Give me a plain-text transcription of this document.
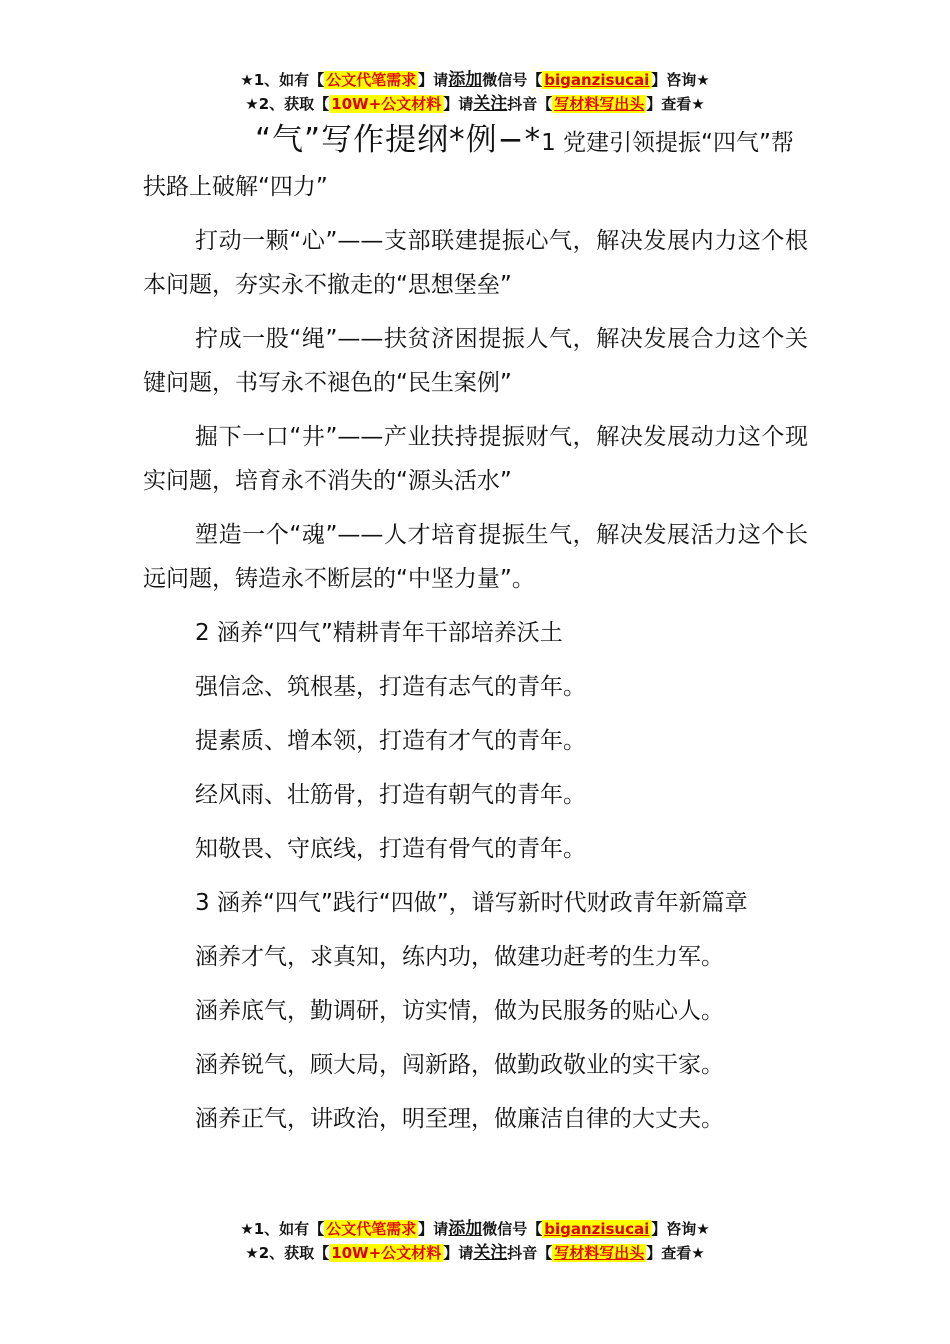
★1、如有【 公文代笔需求 】请添加微信号【 biganzisucai 】咨询★
★2、获取【 10W+公文材料 】请关注抖音【 写材料写出头 】查看★

“气”写作提纲*例−*1 党建引领提振“四气”帮扶路上破解“四力”

打动一颗“心”——支部联建提振心气，解决发展内力这个根本问题，夯实永不撤走的“思想堡垒”

拧成一股“绳”——扶贫济困提振人气，解决发展合力这个关键问题，书写永不褪色的“民生案例”

掘下一口“井”——产业扶持提振财气，解决发展动力这个现实问题，培育永不消失的“源头活水”

塑造一个“魂”——人才培育提振生气，解决发展活力这个长远问题，铸造永不断层的“中坚力量”。

2 涵养“四气”精耕青年干部培养沃土

强信念、筑根基，打造有志气的青年。

提素质、增本领，打造有才气的青年。

经风雨、壮筋骨，打造有朝气的青年。

知敬畏、守底线，打造有骨气的青年。

3 涵养“四气”践行“四做”，谱写新时代财政青年新篇章

涵养才气，求真知，练内功，做建功赶考的生力军。

涵养底气，勤调研，访实情，做为民服务的贴心人。

涵养锐气，顾大局，闯新路，做勤政敬业的实干家。

涵养正气，讲政治，明至理，做廉洁自律的大丈夫。

★1、如有【 公文代笔需求 】请添加微信号【 biganzisucai 】咨询★
★2、获取【 10W+公文材料 】请关注抖音【 写材料写出头 】查看★
